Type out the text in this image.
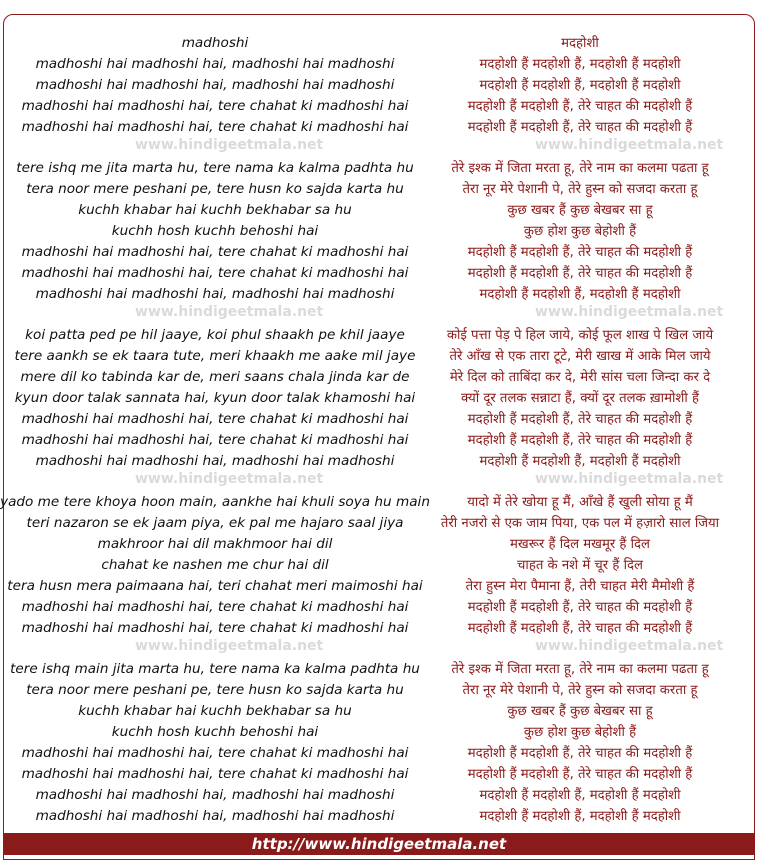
www.hindigeetmala.net	www.hindigeetmala.net
www.hindigeetmala.net	www.hindigeetmala.net
www.hindigeetmala.net	www.hindigeetmala.net
www.hindigeetmala.net	www.hindigeetmala.net
madhoshi
madhoshi hai madhoshi hai, madhoshi hai madhoshi
madhoshi hai madhoshi hai, madhoshi hai madhoshi
madhoshi hai madhoshi hai, tere chahat ki madhoshi hai
madhoshi hai madhoshi hai, tere chahat ki madhoshi hai
tere ishq me jita marta hu, tere nama ka kalma padhta hu
tera noor mere peshani pe, tere husn ko sajda karta hu
kuchh khabar hai kuchh bekhabar sa hu
kuchh hosh kuchh behoshi hai
madhoshi hai madhoshi hai, tere chahat ki madhoshi hai
madhoshi hai madhoshi hai, tere chahat ki madhoshi hai
madhoshi hai madhoshi hai, madhoshi hai madhoshi
koi patta ped pe hil jaaye, koi phul shaakh pe khil jaaye
tere aankh se ek taara tute, meri khaakh me aake mil jaye
mere dil ko tabinda kar de, meri saans chala jinda kar de
kyun door talak sannata hai, kyun door talak khamoshi hai
madhoshi hai madhoshi hai, tere chahat ki madhoshi hai
madhoshi hai madhoshi hai, tere chahat ki madhoshi hai
madhoshi hai madhoshi hai, madhoshi hai madhoshi
yado me tere khoya hoon main, aankhe hai khuli soya hu main
teri nazaron se ek jaam piya, ek pal me hajaro saal jiya
makhroor hai dil makhmoor hai dil
chahat ke nashen me chur hai dil
tera husn mera paimaana hai, teri chahat meri maimoshi hai
madhoshi hai madhoshi hai, tere chahat ki madhoshi hai
madhoshi hai madhoshi hai, tere chahat ki madhoshi hai
tere ishq main jita marta hu, tere nama ka kalma padhta hu
tera noor mere peshani pe, tere husn ko sajda karta hu
kuchh khabar hai kuchh bekhabar sa hu
kuchh hosh kuchh behoshi hai
madhoshi hai madhoshi hai, tere chahat ki madhoshi hai
madhoshi hai madhoshi hai, tere chahat ki madhoshi hai
madhoshi hai madhoshi hai, madhoshi hai madhoshi
madhoshi hai madhoshi hai, madhoshi hai madhoshi
मदहोशी
मदहोशी हैं मदहोशी हैं, मदहोशी हैं मदहोशी
मदहोशी हैं मदहोशी हैं, मदहोशी हैं मदहोशी
मदहोशी हैं मदहोशी हैं, तेरे चाहत की मदहोशी हैं
मदहोशी हैं मदहोशी हैं, तेरे चाहत की मदहोशी हैं
तेरे इश्क में जिता मरता हू, तेरे नाम का कलमा पढता हू
तेरा नूर मेरे पेशानी पे, तेरे हुस्न को सजदा करता हू
कुछ खबर हैं कुछ बेखबर सा हू
कुछ होश कुछ बेहोशी हैं
मदहोशी हैं मदहोशी हैं, तेरे चाहत की मदहोशी हैं
मदहोशी हैं मदहोशी हैं, तेरे चाहत की मदहोशी हैं
मदहोशी हैं मदहोशी हैं, मदहोशी हैं मदहोशी
कोई पत्ता पेड़ पे हिल जाये, कोई फूल शाख पे खिल जाये
तेरे आँख से एक तारा टूटे, मेरी खाख में आके मिल जाये
मेरे दिल को ताबिंदा कर दे, मेरी सांस चला जिन्दा कर दे
क्यों दूर तलक सन्नाटा हैं, क्यों दूर तलक ख़ामोशी हैं
मदहोशी हैं मदहोशी हैं, तेरे चाहत की मदहोशी हैं
मदहोशी हैं मदहोशी हैं, तेरे चाहत की मदहोशी हैं
मदहोशी हैं मदहोशी हैं, मदहोशी हैं मदहोशी
यादो में तेरे खोया हू मैं, आँखे हैं खुली सोया हू मैं
तेरी नजरो से एक जाम पिया, एक पल में हज़ारो साल जिया
मखरूर हैं दिल मखमूर हैं दिल
चाहत के नशे में चूर हैं दिल
तेरा हुस्न मेरा पैमाना हैं, तेरी चाहत मेरी मैमोशी हैं
मदहोशी हैं मदहोशी हैं, तेरे चाहत की मदहोशी हैं
मदहोशी हैं मदहोशी हैं, तेरे चाहत की मदहोशी हैं
तेरे इश्क में जिता मरता हू, तेरे नाम का कलमा पढता हू
तेरा नूर मेरे पेशानी पे, तेरे हुस्न को सजदा करता हू
कुछ खबर हैं कुछ बेखबर सा हू
कुछ होश कुछ बेहोशी हैं
मदहोशी हैं मदहोशी हैं, तेरे चाहत की मदहोशी हैं
मदहोशी हैं मदहोशी हैं, तेरे चाहत की मदहोशी हैं
मदहोशी हैं मदहोशी हैं, मदहोशी हैं मदहोशी
मदहोशी हैं मदहोशी हैं, मदहोशी हैं मदहोशी
http://www.hindigeetmala.net
